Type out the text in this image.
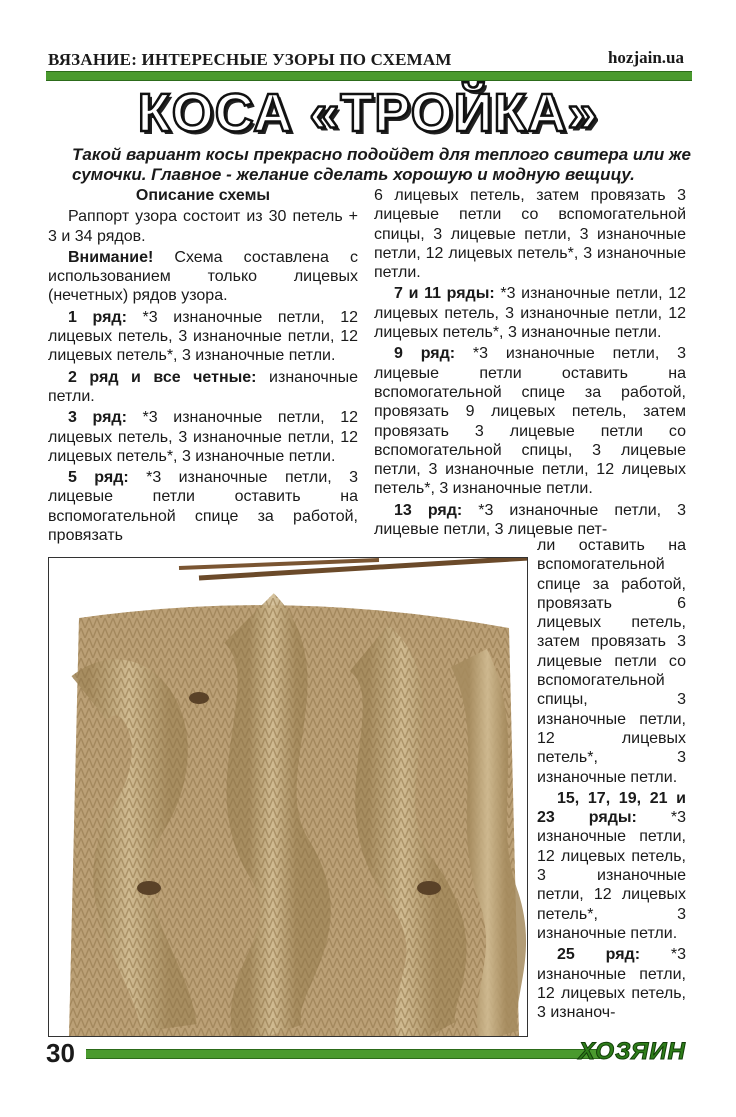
ВЯЗАНИЕ: ИНТЕРЕСНЫЕ УЗОРЫ ПО СХЕМАМ	hozjain.ua
КОСА «ТРОЙКА»
Такой вариант косы прекрасно подойдет для теплого свитера или же сумочки. Главное - желание сделать хорошую и модную вещицу.

Описание схемы

Раппорт узора состоит из 30 петель + 3 и 34 рядов.

Внимание! Схема составлена с использованием только лицевых (нечетных) рядов узора.

1 ряд: *3 изнаночные петли, 12 лицевых петель, 3 изнаночные петли, 12 лицевых петель*, 3 изнаночные петли.

2 ряд и все четные: изнаночные петли.

3 ряд: *3 изнаночные петли, 12 лицевых петель, 3 изнаночные петли, 12 лицевых петель*, 3 изнаночные петли.

5 ряд: *3 изнаночные петли, 3 лицевые петли оставить на вспомогательной спице за работой, провязать

6 лицевых петель, затем провязать 3 лицевые петли со вспомогательной спицы, 3 лицевые петли, 3 изнаночные петли, 12 лицевых петель*, 3 изнаночные петли.

7 и 11 ряды: *3 изнаночные петли, 12 лицевых петель, 3 изнаночные петли, 12 лицевых петель*, 3 изнаночные петли.

9 ряд: *3 изнаночные петли, 3 лицевые петли оставить на вспомогательной спице за работой, провязать 9 лицевых петель, затем провязать 3 лицевые петли со вспомогательной спицы, 3 лицевые петли, 3 изнаночные петли, 12 лицевых петель*, 3 изнаночные петли.

13 ряд: *3 изнаночные петли, 3 лицевые петли, 3 лицевые пет-

ли оставить на вспомогательной спице за работой, провязать 6 лицевых петель, затем провязать 3 лицевые петли со вспомогательной спицы, 3 изнаночные петли, 12 лицевых петель*, 3 изнаночные петли.

15, 17, 19, 21 и 23 ряды: *3 изнаночные петли, 12 лицевых петель, 3 изнаночные петли, 12 лицевых петель*, 3 изнаночные петли.

25 ряд: *3 изнаночные петли, 12 лицевых петель, 3 изнаноч-

30	ХОЗЯИН
